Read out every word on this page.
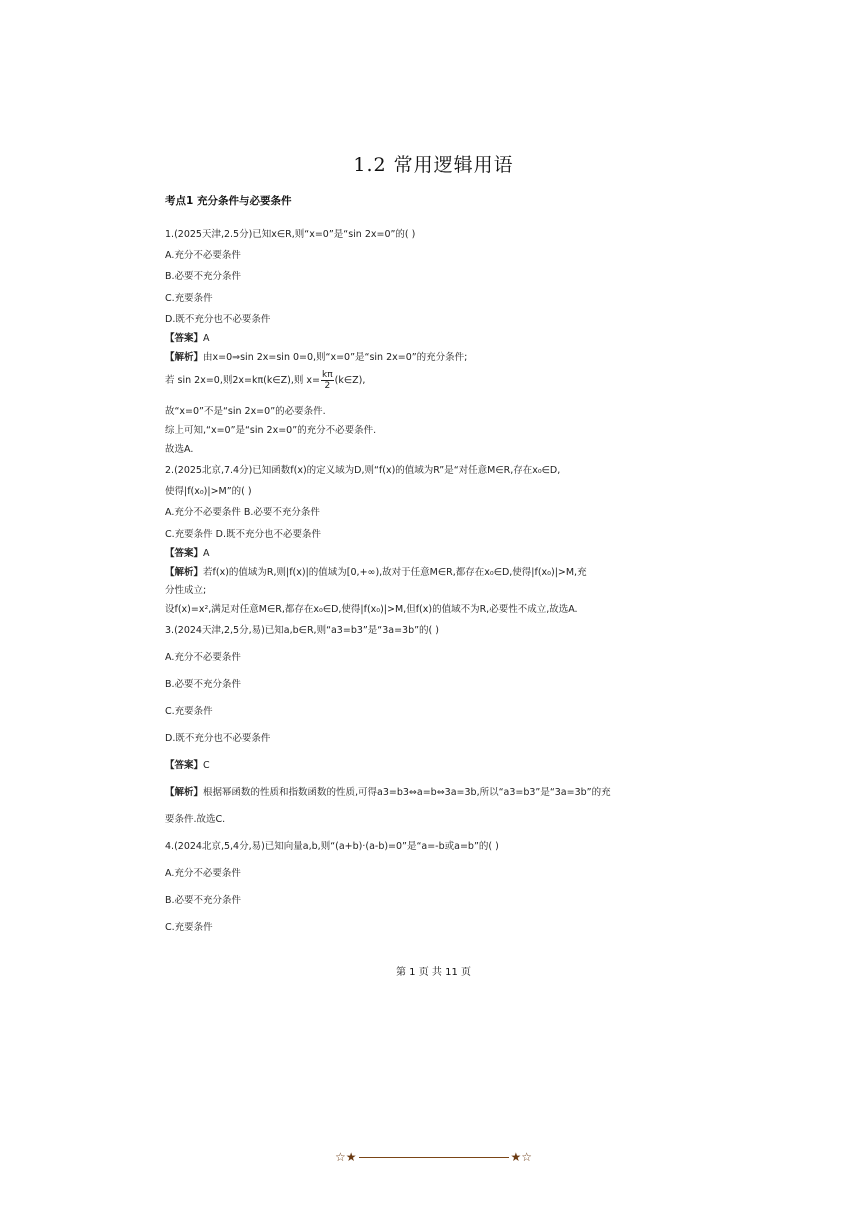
1.2 常用逻辑用语
考点1 充分条件与必要条件
1.(2025天津,2.5分)已知x∈R,则“x=0”是“sin 2x=0”的( )
A.充分不必要条件
B.必要不充分条件
C.充要条件
D.既不充分也不必要条件
【答案】A
【解析】由x=0⇒sin 2x=sin 0=0,则“x=0”是“sin 2x=0”的充分条件;
若 sin 2x=0,则2x=kπ(k∈Z),则 $x= \frac{k\pi}{2}$ (k∈Z),
故“x=0”不是“sin 2x=0”的必要条件.
综上可知,“x=0”是“sin 2x=0”的充分不必要条件.
故选A.
2.(2025北京,7.4分)已知函数f(x)的定义域为D,则“f(x)的值域为R”是“对任意M∈R,存在x₀∈D,
使得|f(x₀)|>M”的( )
A.充分不必要条件 B.必要不充分条件
C.充要条件 D.既不充分也不必要条件
【答案】A
【解析】若f(x)的值域为R,则|f(x)|的值域为[0,+∞),故对于任意M∈R,都存在x₀∈D,使得|f(x₀)|>M,充
分性成立;
设f(x)=x²,满足对任意M∈R,都存在x₀∈D,使得|f(x₀)|>M,但f(x)的值域不为R,必要性不成立,故选A.
3.(2024天津,2,5分,易)已知a,b∈R,则“a3=b3”是“3a=3b”的( )
A.充分不必要条件
B.必要不充分条件
C.充要条件
D.既不充分也不必要条件
【答案】C
【解析】根据幂函数的性质和指数函数的性质,可得a3=b3⇔a=b⇔3a=3b,所以“a3=b3”是“3a=3b”的充
要条件.故选C.
4.(2024北京,5,4分,易)已知向量a,b,则“(a+b)·(a-b)=0”是“a=-b或a=b”的( )
A.充分不必要条件
B.必要不充分条件
C.充要条件
第 1 页 共 11 页
☆★	★☆
